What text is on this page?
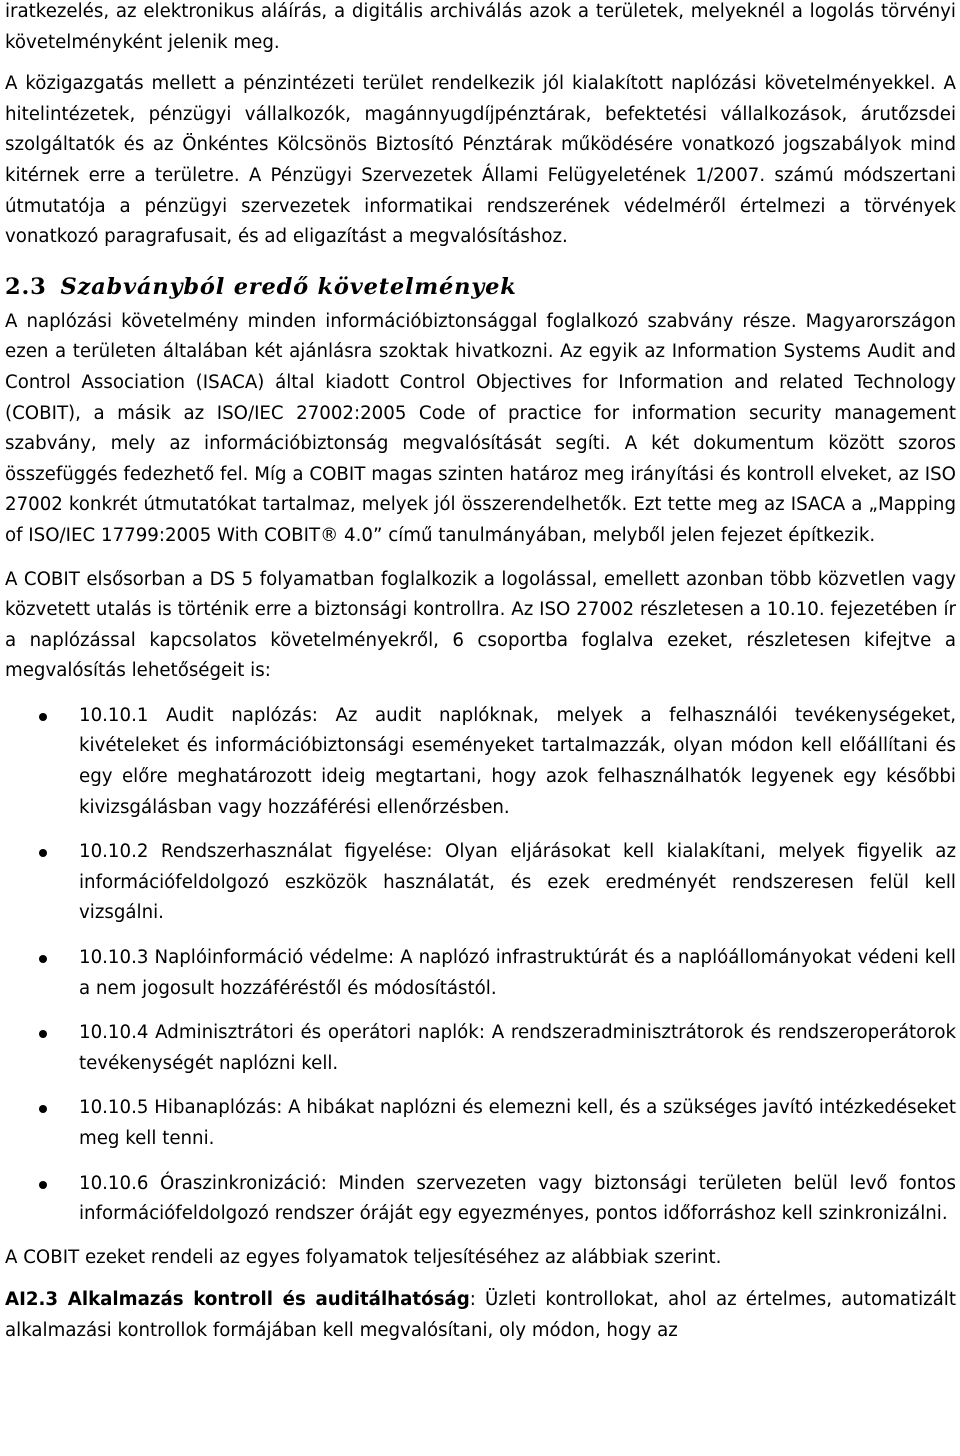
iratkezelés, az elektronikus aláírás, a digitális archiválás azok a területek, melyeknél a logolás törvényi követelményként jelenik meg.

A közigazgatás mellett a pénzintézeti terület rendelkezik jól kialakított naplózási követelményekkel. A hitelintézetek, pénzügyi vállalkozók, magánnyugdíjpénztárak, befektetési vállalkozások, árutőzsdei szolgáltatók és az Önkéntes Kölcsönös Biztosító Pénztárak működésére vonatkozó jogszabályok mind kitérnek erre a területre. A Pénzügyi Szervezetek Állami Felügyeletének 1/2007. számú módszertani útmutatója a pénzügyi szervezetek informatikai rendszerének védelméről értelmezi a törvények vonatkozó paragrafusait, és ad eligazítást a megvalósításhoz.

2.3 Szabványból eredő követelmények

A naplózási követelmény minden információbiztonsággal foglalkozó szabvány része. Magyarországon ezen a területen általában két ajánlásra szoktak hivatkozni. Az egyik az Information Systems Audit and Control Association (ISACA) által kiadott Control Objectives for Information and related Technology (COBIT), a másik az ISO/IEC 27002:2005 Code of practice for information security management szabvány, mely az információbiztonság megvalósítását segíti. A két dokumentum között szoros összefüggés fedezhető fel. Míg a COBIT magas szinten határoz meg irányítási és kontroll elveket, az ISO 27002 konkrét útmutatókat tartalmaz, melyek jól összerendelhetők. Ezt tette meg az ISACA a „Mapping of ISO/IEC 17799:2005 With COBIT® 4.0” című tanulmányában, melyből jelen fejezet építkezik.

A COBIT elsősorban a DS 5 folyamatban foglalkozik a logolással, emellett azonban több közvetlen vagy közvetett utalás is történik erre a biztonsági kontrollra. Az ISO 27002 részletesen a 10.10. fejezetében ír a naplózással kapcsolatos követelményekről, 6 csoportba foglalva ezeket, részletesen kifejtve a megvalósítás lehetőségeit is:

10.10.1 Audit naplózás: Az audit naplóknak, melyek a felhasználói tevékenységeket, kivételeket és információbiztonsági eseményeket tartalmazzák, olyan módon kell előállítani és egy előre meghatározott ideig megtartani, hogy azok felhasználhatók legyenek egy későbbi kivizsgálásban vagy hozzáférési ellenőrzésben.

10.10.2 Rendszerhasználat figyelése: Olyan eljárásokat kell kialakítani, melyek figyelik az információfeldolgozó eszközök használatát, és ezek eredményét rendszeresen felül kell vizsgálni.

10.10.3 Naplóinformáció védelme: A naplózó infrastruktúrát és a naplóállományokat védeni kell a nem jogosult hozzáféréstől és módosítástól.

10.10.4 Adminisztrátori és operátori naplók: A rendszeradminisztrátorok és rendszeroperátorok tevékenységét naplózni kell.

10.10.5 Hibanaplózás: A hibákat naplózni és elemezni kell, és a szükséges javító intézkedéseket meg kell tenni.

10.10.6 Óraszinkronizáció: Minden szervezeten vagy biztonsági területen belül levő fontos információfeldolgozó rendszer óráját egy egyezményes, pontos időforráshoz kell szinkronizálni.

A COBIT ezeket rendeli az egyes folyamatok teljesítéséhez az alábbiak szerint.

AI2.3 Alkalmazás kontroll és auditálhatóság: Üzleti kontrollokat, ahol az értelmes, automatizált alkalmazási kontrollok formájában kell megvalósítani, oly módon, hogy az
